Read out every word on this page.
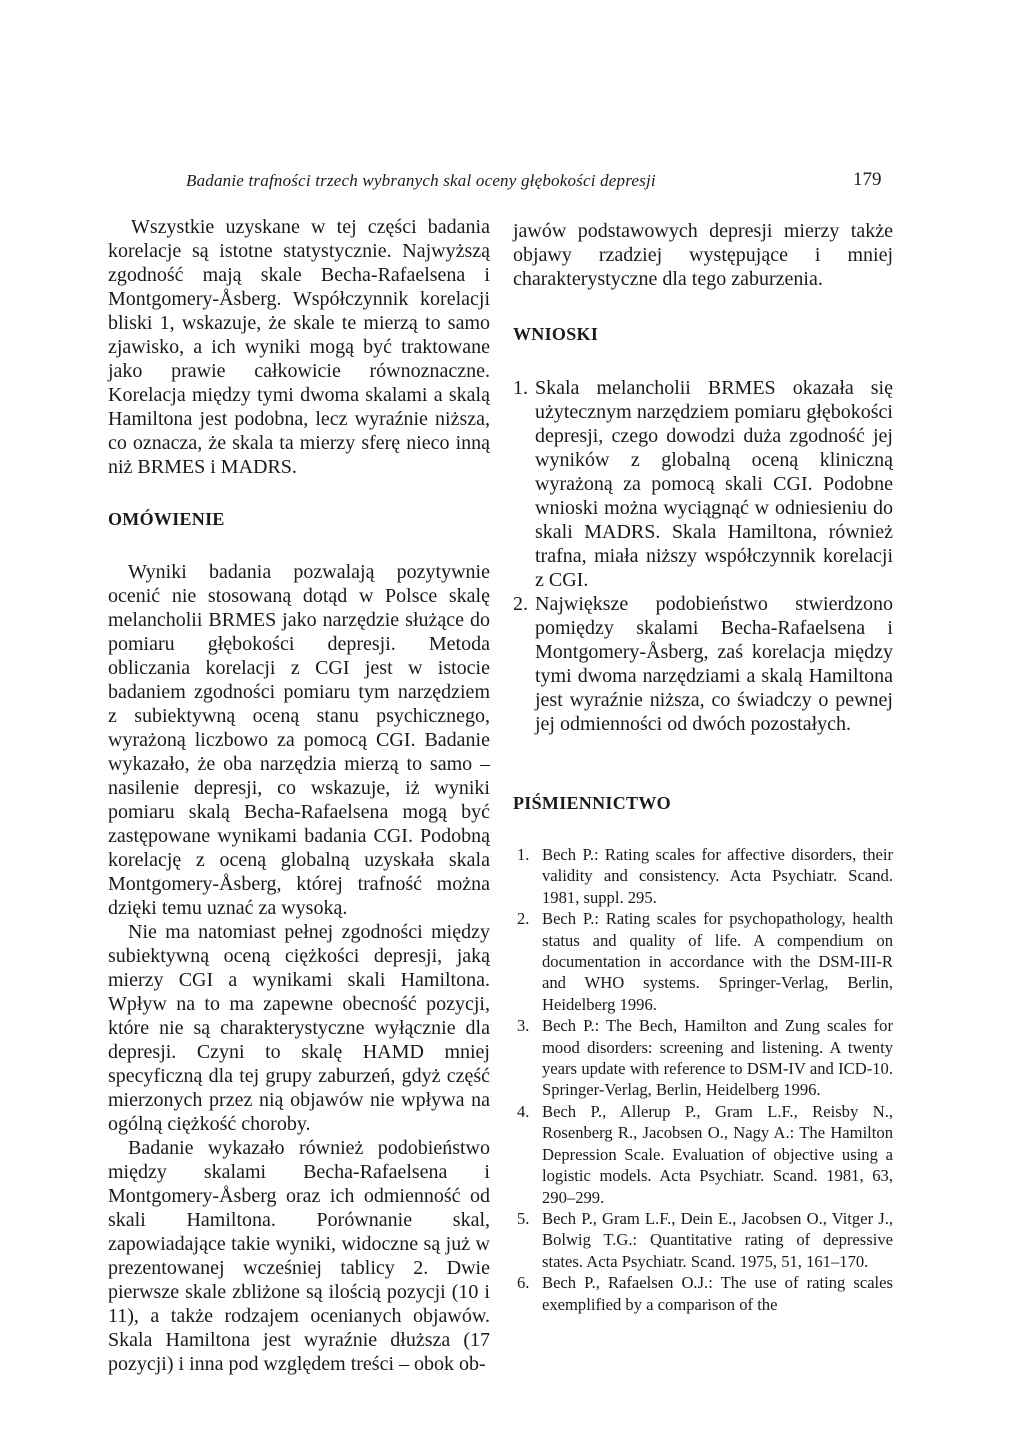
Badanie trafności trzech wybranych skal oceny głębokości depresji	179

Wszystkie uzyskane w tej części badania korelacje są istotne statystycznie. Najwyższą zgodność mają skale Becha-Rafaelsena i Montgomery-Åsberg. Współczynnik korelacji bliski 1, wskazuje, że skale te mierzą to samo zjawisko, a ich wyniki mogą być traktowane jako prawie całkowicie równoznaczne. Korelacja między tymi dwoma skalami a skalą Hamiltona jest podobna, lecz wyraźnie niższa, co oznacza, że skala ta mierzy sferę nieco inną niż BRMES i MADRS.

OMÓWIENIE

Wyniki badania pozwalają pozytywnie ocenić nie stosowaną dotąd w Polsce skalę melancholii BRMES jako narzędzie służące do pomiaru głębokości depresji. Metoda obliczania korelacji z CGI jest w istocie badaniem zgodności pomiaru tym narzędziem z subiektywną oceną stanu psychicznego, wyrażoną liczbowo za pomocą CGI. Badanie wykazało, że oba narzędzia mierzą to samo – nasilenie depresji, co wskazuje, iż wyniki pomiaru skalą Becha-Rafaelsena mogą być zastępowane wynikami badania CGI. Podobną korelację z oceną globalną uzyskała skala Montgomery-Åsberg, której trafność można dzięki temu uznać za wysoką.

Nie ma natomiast pełnej zgodności między subiektywną oceną ciężkości depresji, jaką mierzy CGI a wynikami skali Hamiltona. Wpływ na to ma zapewne obecność pozycji, które nie są charakterystyczne wyłącznie dla depresji. Czyni to skalę HAMD mniej specyficzną dla tej grupy zaburzeń, gdyż część mierzonych przez nią objawów nie wpływa na ogólną ciężkość choroby.

Badanie wykazało również podobieństwo między skalami Becha-Rafaelsena i Montgomery-Åsberg oraz ich odmienność od skali Hamiltona. Porównanie skal, zapowiadające takie wyniki, widoczne są już w prezentowanej wcześniej tablicy 2. Dwie pierwsze skale zbliżone są ilością pozycji (10 i 11), a także rodzajem ocenianych objawów. Skala Hamiltona jest wyraźnie dłuższa (17 pozycji) i inna pod względem treści – obok ob-

jawów podstawowych depresji mierzy także objawy rzadziej występujące i mniej charakterystyczne dla tego zaburzenia.

WNIOSKI
1. Skala melancholii BRMES okazała się użytecznym narzędziem pomiaru głębokości depresji, czego dowodzi duża zgodność jej wyników z globalną oceną kliniczną wyrażoną za pomocą skali CGI. Podobne wnioski można wyciągnąć w odniesieniu do skali MADRS. Skala Hamiltona, również trafna, miała niższy współczynnik korelacji z CGI.
2. Największe podobieństwo stwierdzono pomiędzy skalami Becha-Rafaelsena i Montgomery-Åsberg, zaś korelacja między tymi dwoma narzędziami a skalą Hamiltona jest wyraźnie niższa, co świadczy o pewnej jej odmienności od dwóch pozostałych.
PIŚMIENNICTWO
1. Bech P.: Rating scales for affective disorders, their validity and consistency. Acta Psychiatr. Scand. 1981, suppl. 295.
2. Bech P.: Rating scales for psychopathology, health status and quality of life. A compendium on documentation in accordance with the DSM-III-R and WHO systems. Springer-Verlag, Berlin, Heidelberg 1996.
3. Bech P.: The Bech, Hamilton and Zung scales for mood disorders: screening and listening. A twenty years update with reference to DSM-IV and ICD-10. Springer-Verlag, Berlin, Heidelberg 1996.
4. Bech P., Allerup P., Gram L.F., Reisby N., Rosenberg R., Jacobsen O., Nagy A.: The Hamilton Depression Scale. Evaluation of objective using a logistic models. Acta Psychiatr. Scand. 1981, 63, 290–299.
5. Bech P., Gram L.F., Dein E., Jacobsen O., Vitger J., Bolwig T.G.: Quantitative rating of depressive states. Acta Psychiatr. Scand. 1975, 51, 161–170.
6. Bech P., Rafaelsen O.J.: The use of rating scales exemplified by a comparison of the
